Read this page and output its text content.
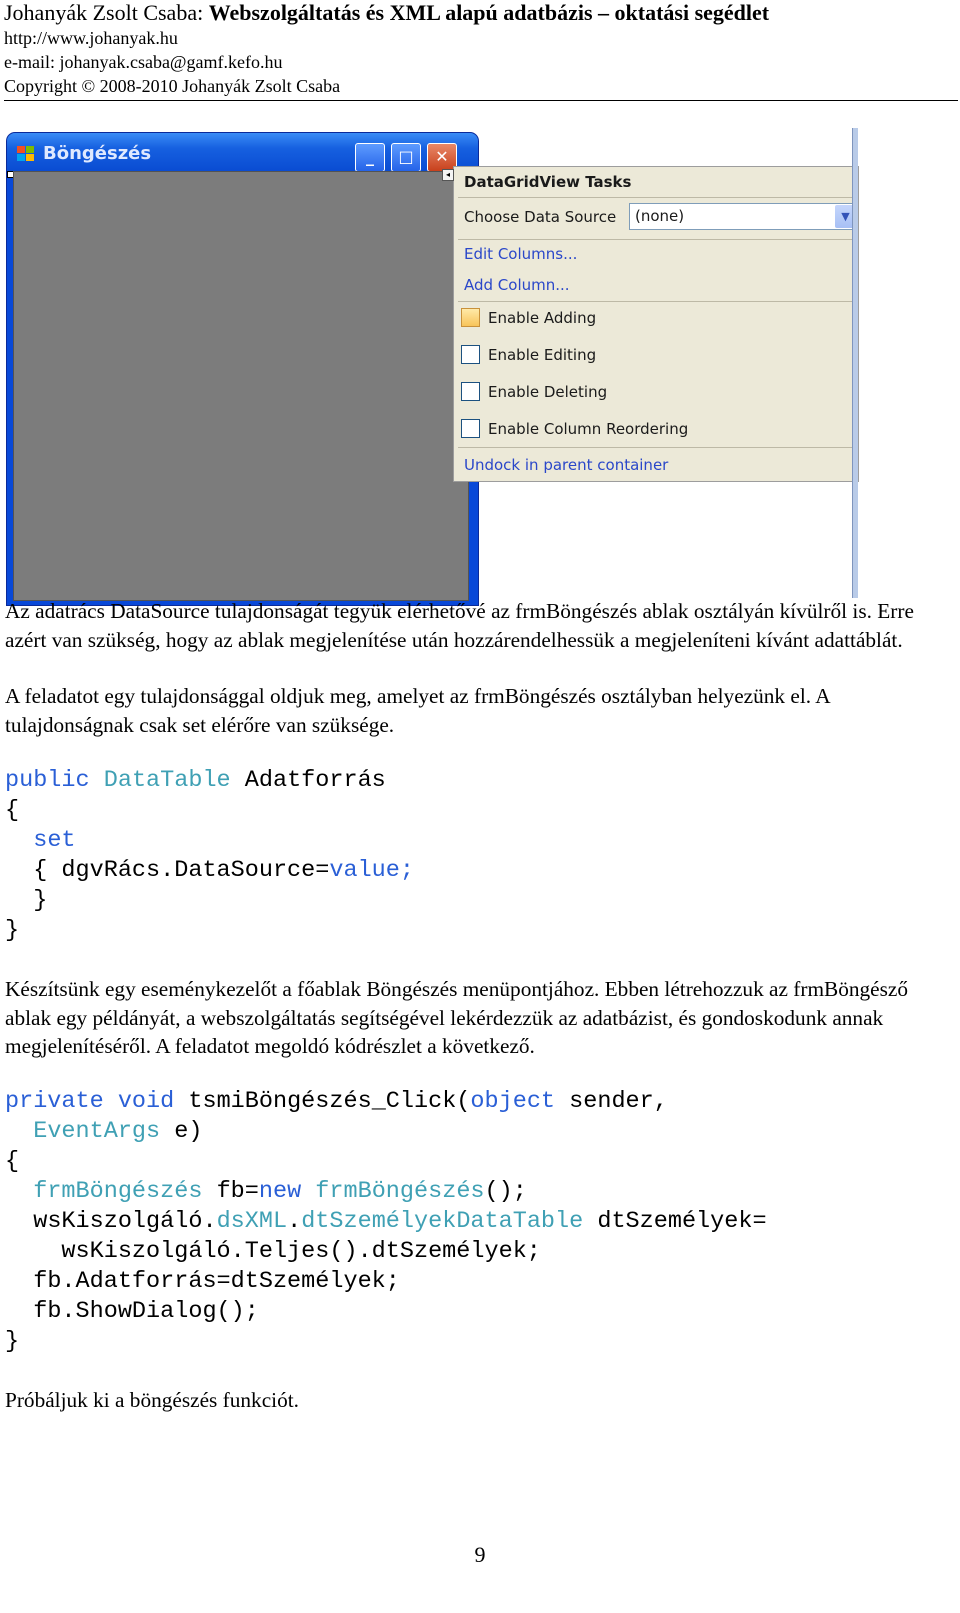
Johanyák Zsolt Csaba: Webszolgáltatás és XML alapú adatbázis – oktatási segédlet
http://www.johanyak.hu
e-mail: johanyak.csaba@gamf.kefo.hu
Copyright © 2008-2010 Johanyák Zsolt Csaba
Böngészés	_	□	✕
◂ DataGridView Tasks
Choose Data Source (none)	▼
Edit Columns...
Add Column...
Enable Adding
Enable Editing
Enable Deleting
Enable Column Reordering
Undock in parent container
Az adatrács DataSource tulajdonságát tegyük elérhetővé az frmBöngészés ablak osztályán kívülről is. Erre azért van szükség, hogy az ablak megjelenítése után hozzárendelhessük a megjeleníteni kívánt adattáblát.
A feladatot egy tulajdonsággal oldjuk meg, amelyet az frmBöngészés osztályban helyezünk el. A tulajdonságnak csak set elérőre van szüksége.
public DataTable Adatforrás
{
set
{ dgvRács.DataSource=value;
}
}
Készítsünk egy eseménykezelőt a főablak Böngészés menüpontjához. Ebben létrehozzuk az frmBöngésző ablak egy példányát, a webszolgáltatás segítségével lekérdezzük az adatbázist, és gondoskodunk annak megjelenítéséről. A feladatot megoldó kódrészlet a következő.
private void tsmiBöngészés_Click(object sender,
EventArgs e)
{
frmBöngészés fb=new frmBöngészés();
wsKiszolgáló.dsXML.dtSzemélyekDataTable dtSzemélyek=
wsKiszolgáló.Teljes().dtSzemélyek;
fb.Adatforrás=dtSzemélyek;
fb.ShowDialog();
}
Próbáljuk ki a böngészés funkciót.
9
